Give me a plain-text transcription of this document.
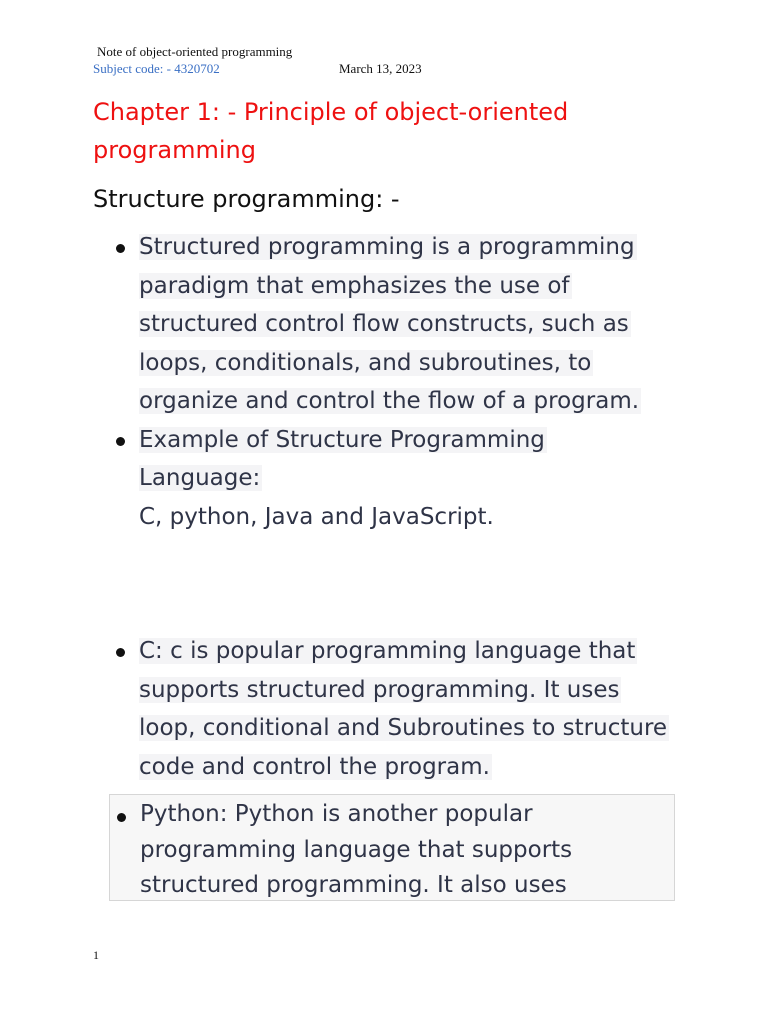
Note of object-oriented programming
Subject code: - 4320702	March 13, 2023
Chapter 1: - Principle of object-oriented programming
Structure programming: -
Structured programming is a programming paradigm that emphasizes the use of structured control flow constructs, such as loops, conditionals, and subroutines, to organize and control the flow of a program.
Example of Structure Programming Language:
C, python, Java and JavaScript.
C: c is popular programming language that supports structured programming. It uses loop, conditional and Subroutines to structure code and control the program.
Python: Python is another popular programming language that supports structured programming. It also uses
1
